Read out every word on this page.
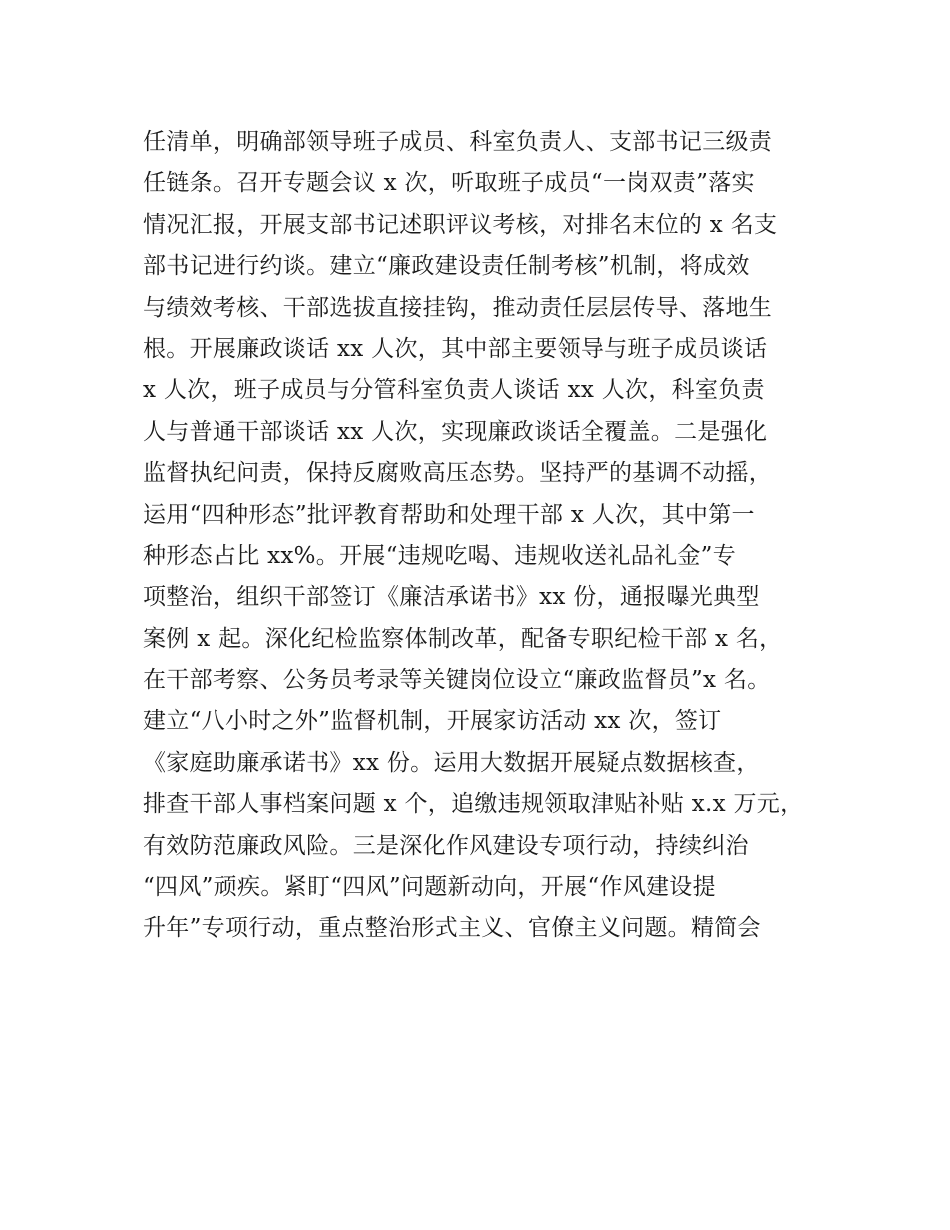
任清单，明确部领导班子成员、科室负责人、支部书记三级责
任链条。召开专题会议 x 次，听取班子成员“一岗双责”落实
情况汇报，开展支部书记述职评议考核，对排名末位的 x 名支
部书记进行约谈。建立“廉政建设责任制考核”机制，将成效
与绩效考核、干部选拔直接挂钩，推动责任层层传导、落地生
根。开展廉政谈话 xx 人次，其中部主要领导与班子成员谈话
x 人次，班子成员与分管科室负责人谈话 xx 人次，科室负责
人与普通干部谈话 xx 人次，实现廉政谈话全覆盖。二是强化
监督执纪问责，保持反腐败高压态势。坚持严的基调不动摇，
运用“四种形态”批评教育帮助和处理干部 x 人次，其中第一
种形态占比 xx%。开展“违规吃喝、违规收送礼品礼金”专
项整治，组织干部签订《廉洁承诺书》xx 份，通报曝光典型
案例 x 起。深化纪检监察体制改革，配备专职纪检干部 x 名，
在干部考察、公务员考录等关键岗位设立“廉政监督员”x 名。
建立“八小时之外”监督机制，开展家访活动 xx 次，签订
《家庭助廉承诺书》xx 份。运用大数据开展疑点数据核查，
排查干部人事档案问题 x 个，追缴违规领取津贴补贴 x.x 万元，
有效防范廉政风险。三是深化作风建设专项行动，持续纠治
“四风”顽疾。紧盯“四风”问题新动向，开展“作风建设提
升年”专项行动，重点整治形式主义、官僚主义问题。精简会
